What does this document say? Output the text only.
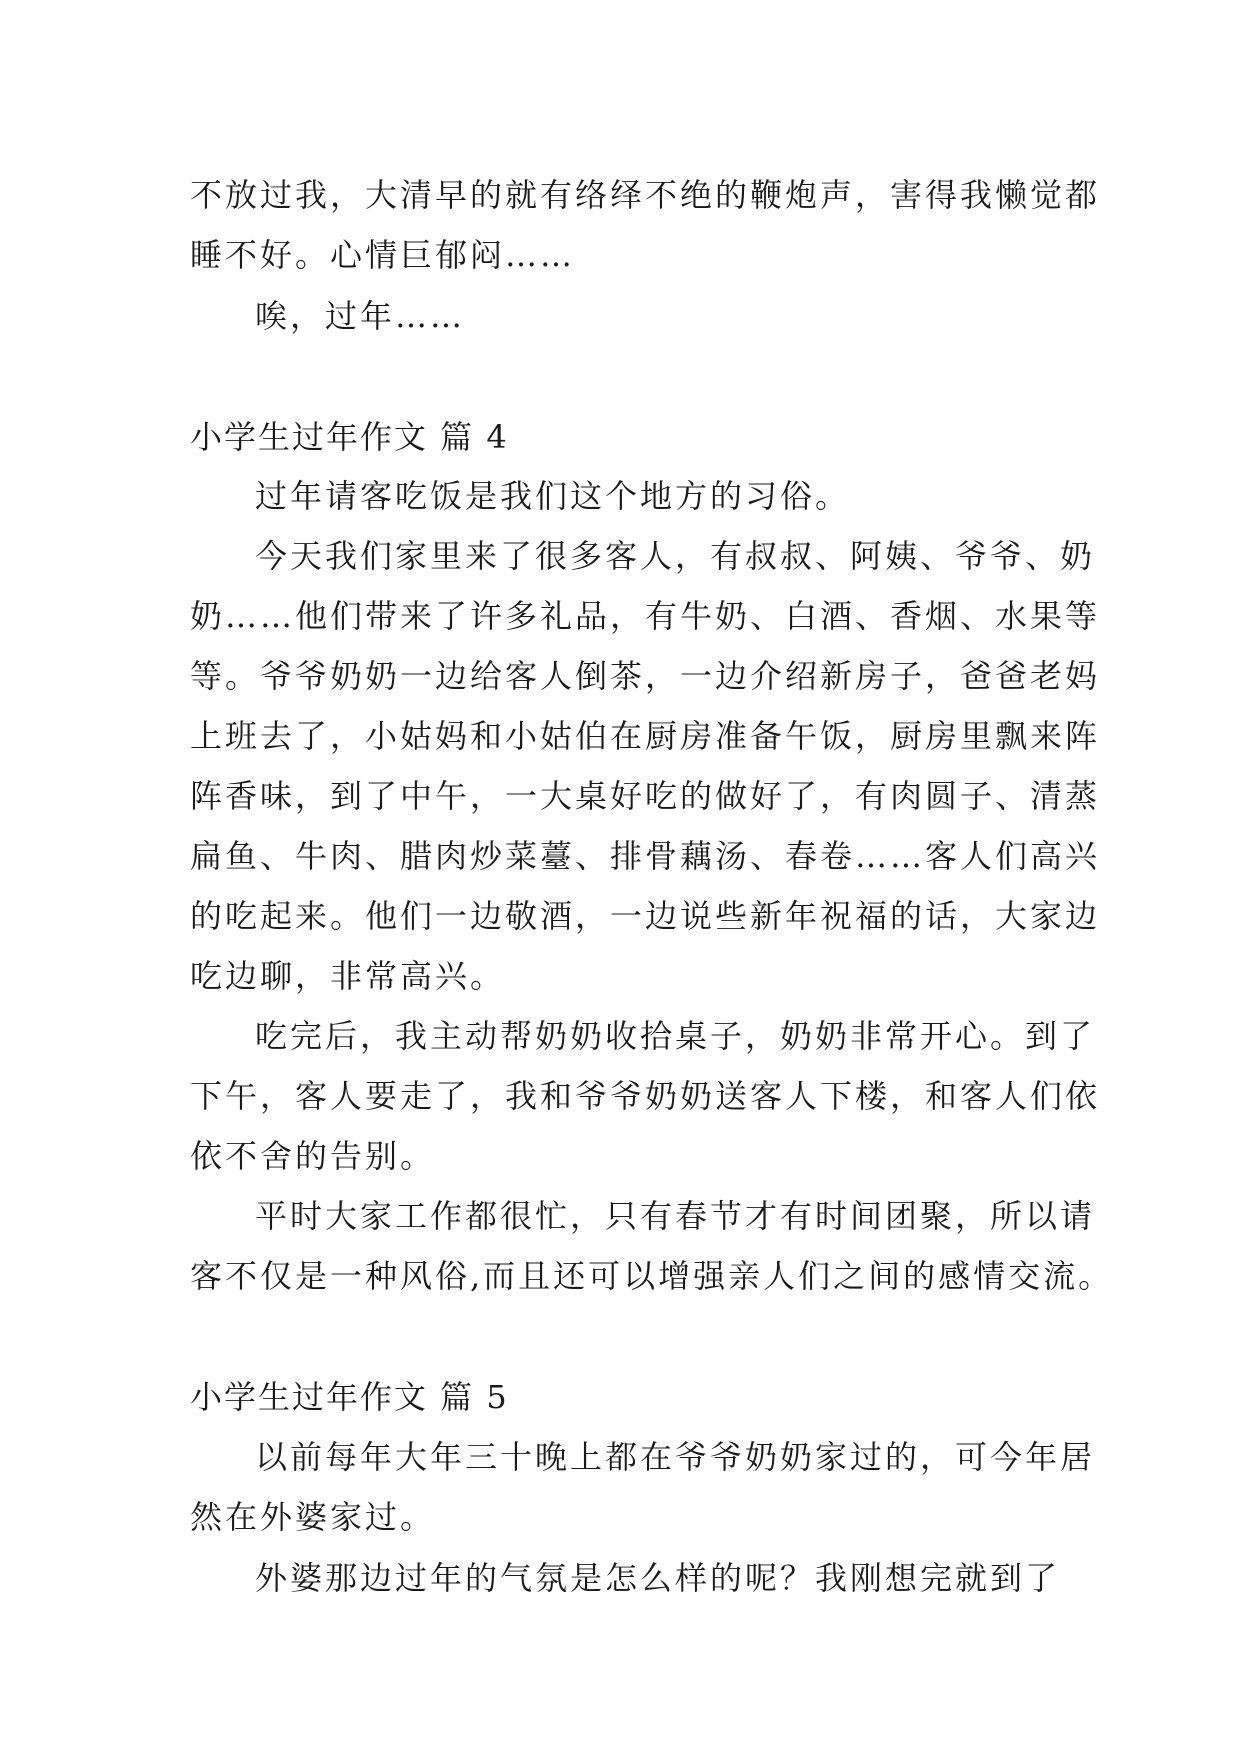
不放过我，大清早的就有络绎不绝的鞭炮声，害得我懒觉都
睡不好。心情巨郁闷……
唉，过年……
小学生过年作文 篇 4
过年请客吃饭是我们这个地方的习俗。
今天我们家里来了很多客人，有叔叔、阿姨、爷爷、奶
奶……他们带来了许多礼品，有牛奶、白酒、香烟、水果等
等。爷爷奶奶一边给客人倒茶，一边介绍新房子，爸爸老妈
上班去了，小姑妈和小姑伯在厨房准备午饭，厨房里飘来阵
阵香味，到了中午，一大桌好吃的做好了，有肉圆子、清蒸
扁鱼、牛肉、腊肉炒菜薹、排骨藕汤、春卷……客人们高兴
的吃起来。他们一边敬酒，一边说些新年祝福的话，大家边
吃边聊，非常高兴。
吃完后，我主动帮奶奶收拾桌子，奶奶非常开心。到了
下午，客人要走了，我和爷爷奶奶送客人下楼，和客人们依
依不舍的告别。
平时大家工作都很忙，只有春节才有时间团聚，所以请
客不仅是一种风俗,而且还可以增强亲人们之间的感情交流。
小学生过年作文 篇 5
以前每年大年三十晚上都在爷爷奶奶家过的，可今年居
然在外婆家过。
外婆那边过年的气氛是怎么样的呢？我刚想完就到了
